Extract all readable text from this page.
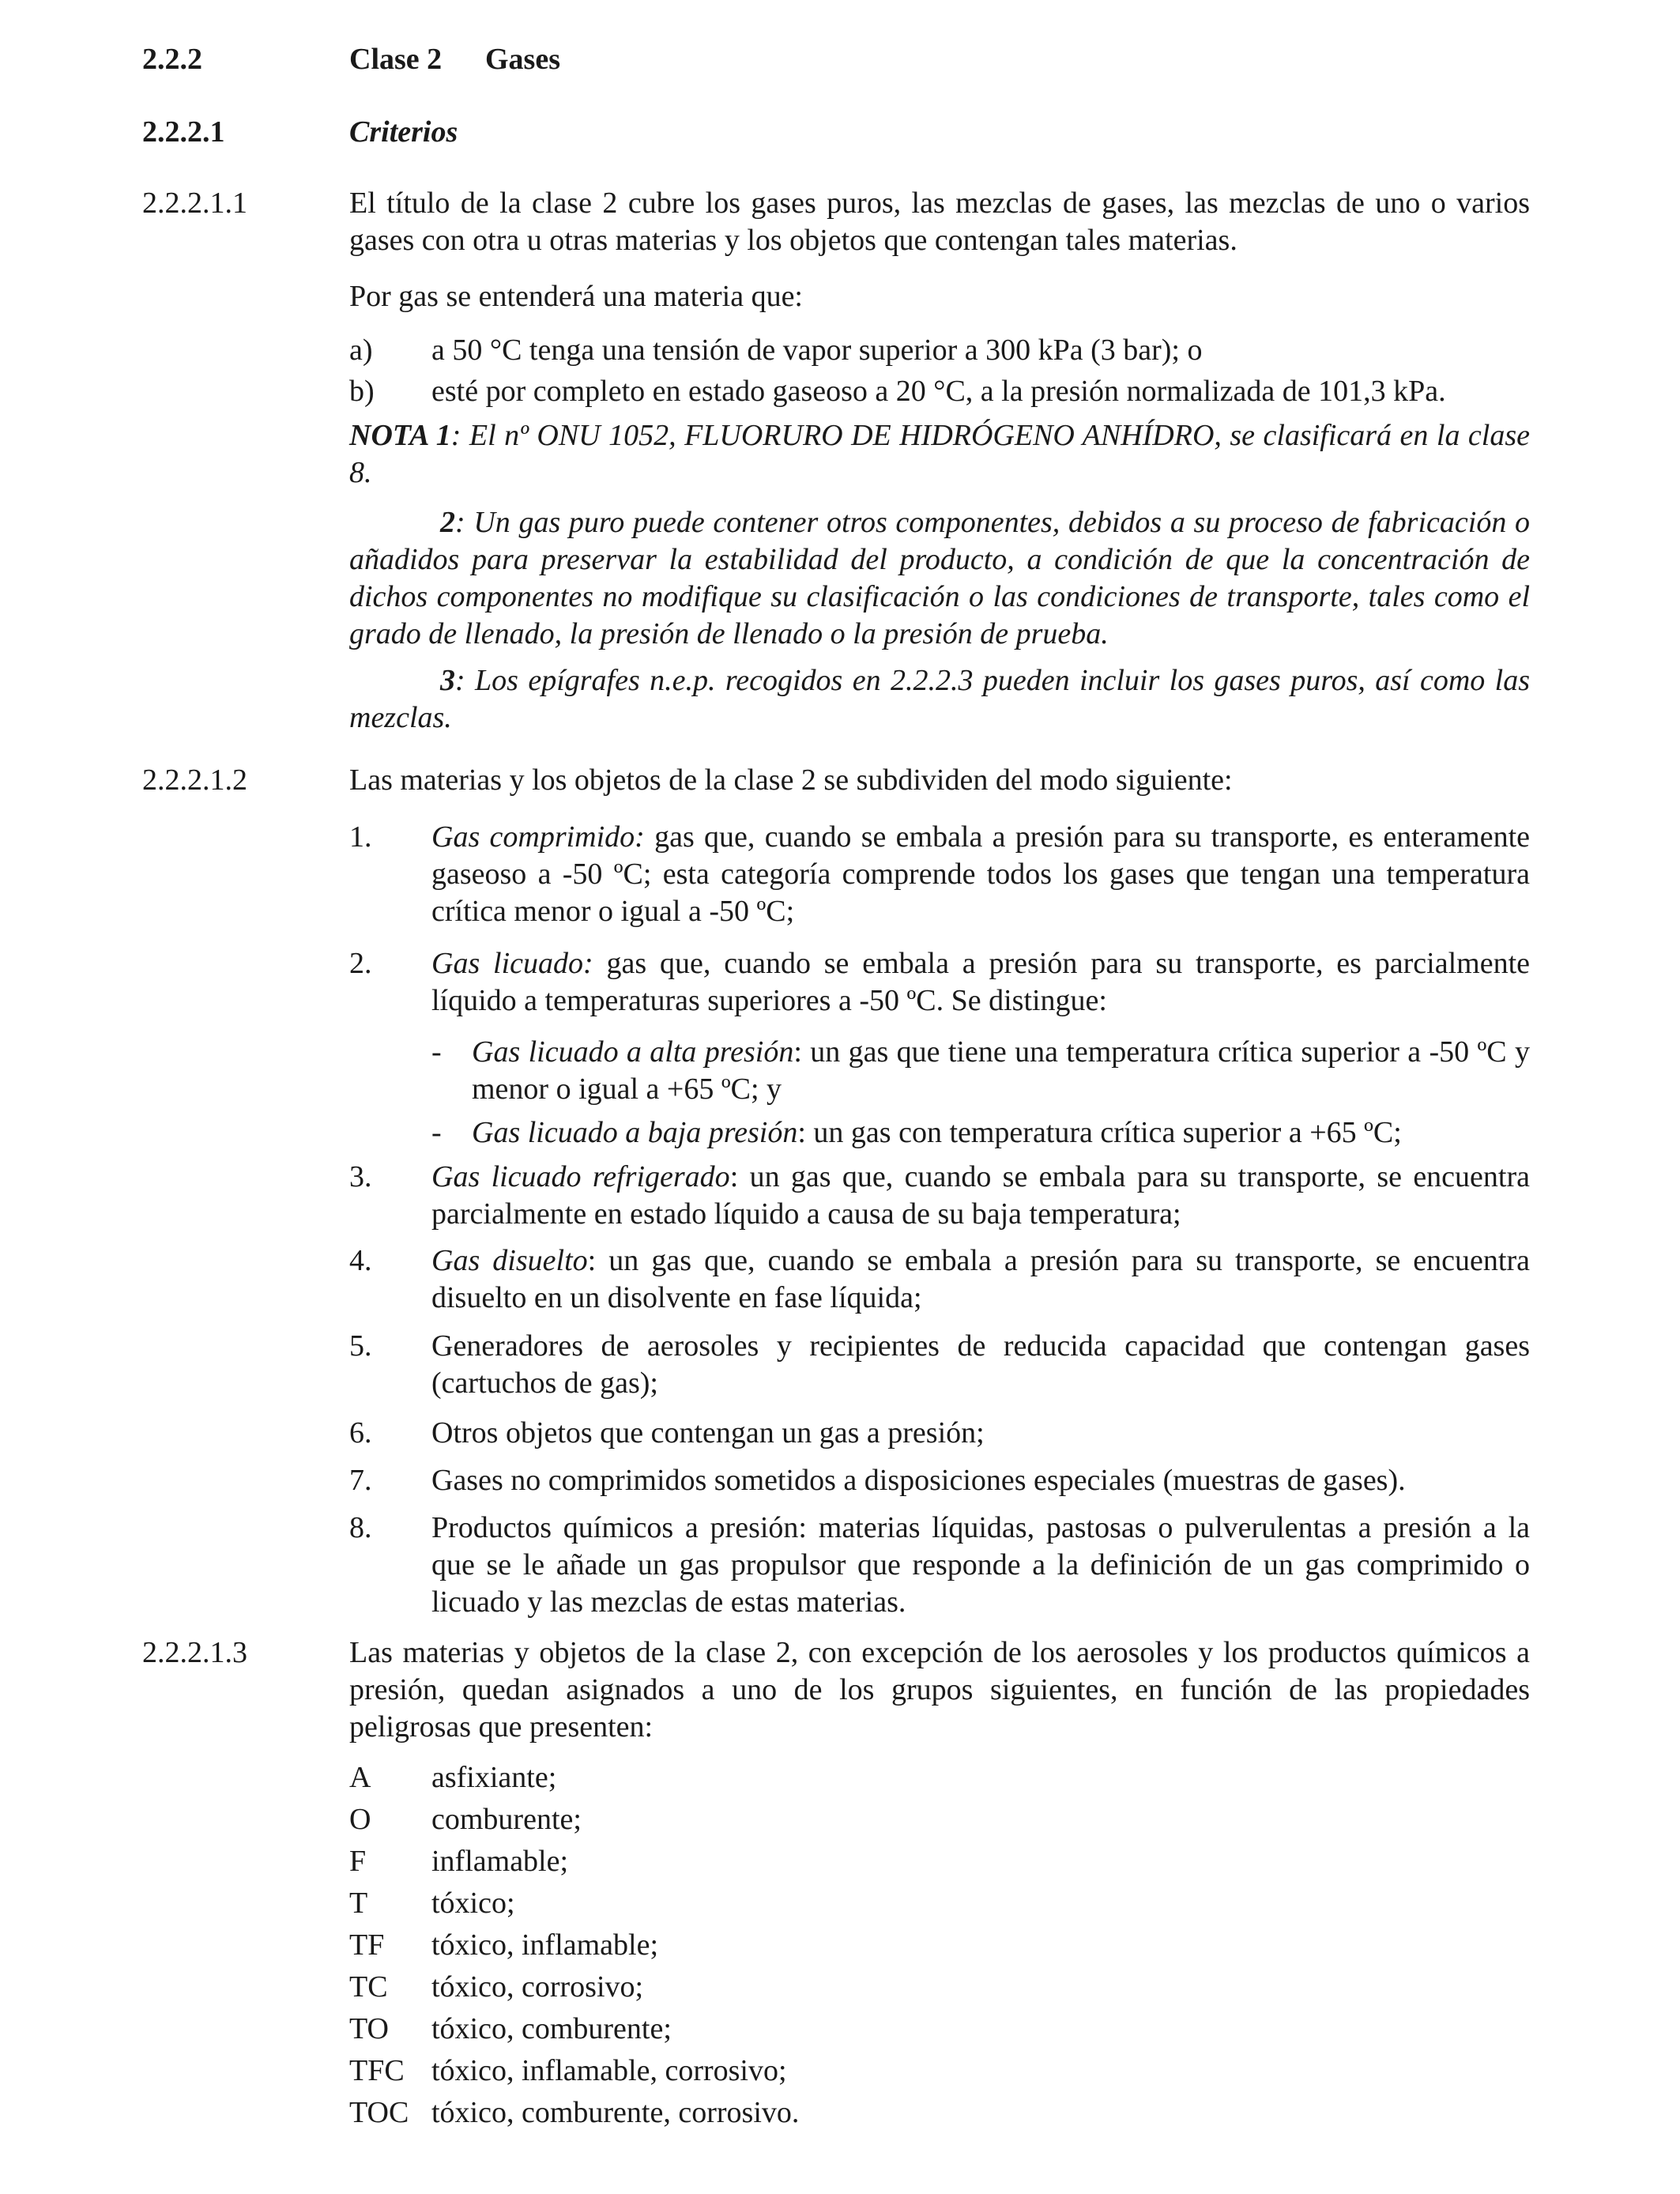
2.2.2	Clase 2 Gases
2.2.2.1	Criterios
2.2.2.1.1	El título de la clase 2 cubre los gases puros, las mezclas de gases, las mezclas de uno o varios gases con otra u otras materias y los objetos que contengan tales materias.
Por gas se entenderá una materia que:
a) a 50 °C tenga una tensión de vapor superior a 300 kPa (3 bar); o
b) esté por completo en estado gaseoso a 20 °C, a la presión normalizada de 101,3 kPa.
NOTA 1: El nº ONU 1052, FLUORURO DE HIDRÓGENO ANHÍDRO, se clasificará en la clase 8.
2: Un gas puro puede contener otros componentes, debidos a su proceso de fabricación o añadidos para preservar la estabilidad del producto, a condición de que la concentración de dichos componentes no modifique su clasificación o las condiciones de transporte, tales como el grado de llenado, la presión de llenado o la presión de prueba.
3: Los epígrafes n.e.p. recogidos en 2.2.2.3 pueden incluir los gases puros, así como las mezclas.
2.2.2.1.2	Las materias y los objetos de la clase 2 se subdividen del modo siguiente:
1. Gas comprimido: gas que, cuando se embala a presión para su transporte, es enteramente gaseoso a -50 ºC; esta categoría comprende todos los gases que tengan una temperatura crítica menor o igual a -50 ºC;
2. Gas licuado: gas que, cuando se embala a presión para su transporte, es parcialmente líquido a temperaturas superiores a -50 ºC. Se distingue:
- Gas licuado a alta presión: un gas que tiene una temperatura crítica superior a -50 ºC y menor o igual a +65 ºC; y
- Gas licuado a baja presión: un gas con temperatura crítica superior a +65 ºC;
3. Gas licuado refrigerado: un gas que, cuando se embala para su transporte, se encuentra parcialmente en estado líquido a causa de su baja temperatura;
4. Gas disuelto: un gas que, cuando se embala a presión para su transporte, se encuentra disuelto en un disolvente en fase líquida;
5. Generadores de aerosoles y recipientes de reducida capacidad que contengan gases (cartuchos de gas);
6. Otros objetos que contengan un gas a presión;
7. Gases no comprimidos sometidos a disposiciones especiales (muestras de gases).
8. Productos químicos a presión: materias líquidas, pastosas o pulverulentas a presión a la que se le añade un gas propulsor que responde a la definición de un gas comprimido o licuado y las mezclas de estas materias.
2.2.2.1.3	Las materias y objetos de la clase 2, con excepción de los aerosoles y los productos químicos a presión, quedan asignados a uno de los grupos siguientes, en función de las propiedades peligrosas que presenten:
A asfixiante;
O comburente;
F inflamable;
T tóxico;
TF tóxico, inflamable;
TC tóxico, corrosivo;
TO tóxico, comburente;
TFC tóxico, inflamable, corrosivo;
TOC tóxico, comburente, corrosivo.
